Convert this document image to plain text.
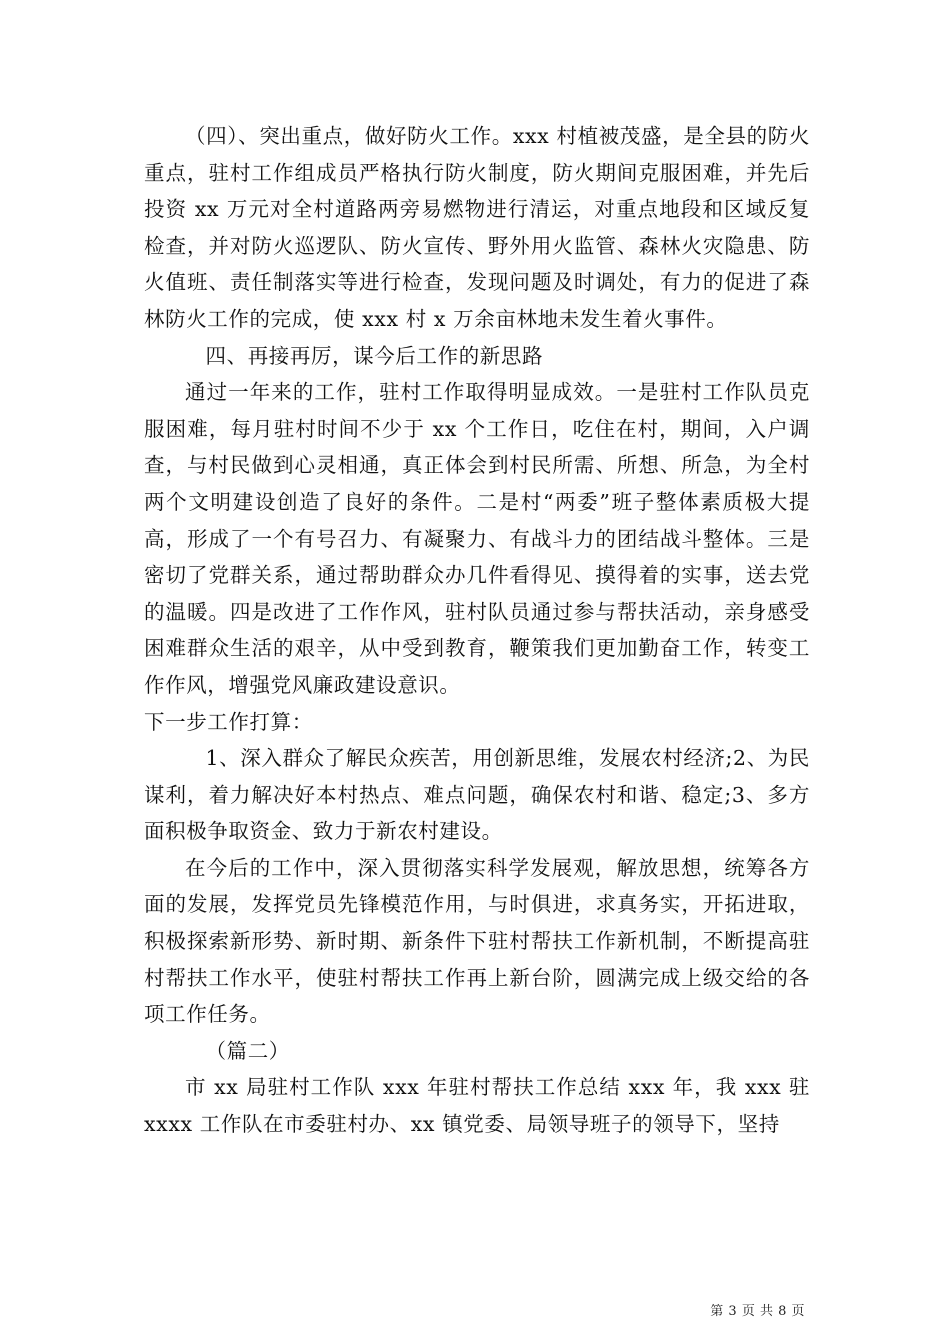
（四）、突出重点，做好防火工作。xxx 村植被茂盛，是全县的防火重点，驻村工作组成员严格执行防火制度，防火期间克服困难，并先后投资 xx 万元对全村道路两旁易燃物进行清运，对重点地段和区域反复检查，并对防火巡逻队、防火宣传、野外用火监管、森林火灾隐患、防火值班、责任制落实等进行检查，发现问题及时调处，有力的促进了森林防火工作的完成，使 xxx 村 x 万余亩林地未发生着火事件。

四、再接再厉，谋今后工作的新思路

通过一年来的工作，驻村工作取得明显成效。一是驻村工作队员克服困难，每月驻村时间不少于 xx 个工作日，吃住在村，期间，入户调查，与村民做到心灵相通，真正体会到村民所需、所想、所急，为全村两个文明建设创造了良好的条件。二是村“两委”班子整体素质极大提高，形成了一个有号召力、有凝聚力、有战斗力的团结战斗整体。三是密切了党群关系，通过帮助群众办几件看得见、摸得着的实事，送去党的温暖。四是改进了工作作风，驻村队员通过参与帮扶活动，亲身感受困难群众生活的艰辛，从中受到教育，鞭策我们更加勤奋工作，转变工作作风，增强党风廉政建设意识。

下一步工作打算：

1、深入群众了解民众疾苦，用创新思维，发展农村经济;2、为民谋利，着力解决好本村热点、难点问题，确保农村和谐、稳定;3、多方面积极争取资金、致力于新农村建设。

在今后的工作中，深入贯彻落实科学发展观，解放思想，统筹各方面的发展，发挥党员先锋模范作用，与时俱进，求真务实，开拓进取，积极探索新形势、新时期、新条件下驻村帮扶工作新机制，不断提高驻村帮扶工作水平，使驻村帮扶工作再上新台阶，圆满完成上级交给的各项工作任务。

（篇二）

市 xx 局驻村工作队 xxx 年驻村帮扶工作总结 xxx 年，我 xxx 驻 xxxx 工作队在市委驻村办、xx 镇党委、局领导班子的领导下，坚持

第 3 页 共 8 页
